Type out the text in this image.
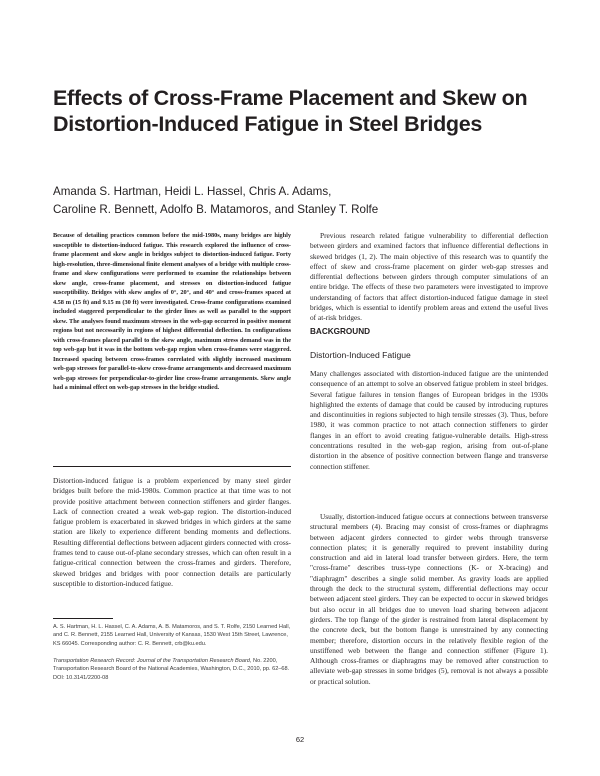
Effects of Cross-Frame Placement and Skew on Distortion-Induced Fatigue in Steel Bridges

Amanda S. Hartman, Heidi L. Hassel, Chris A. Adams,
Caroline R. Bennett, Adolfo B. Matamoros, and Stanley T. Rolfe

Because of detailing practices common before the mid-1980s, many bridges are highly susceptible to distortion-induced fatigue. This research explored the influence of cross-frame placement and skew angle in bridges subject to distortion-induced fatigue. Forty high-resolution, three-dimensional finite element analyses of a bridge with multiple cross-frame and skew configurations were performed to examine the relationships between skew angle, cross-frame placement, and stresses on distortion-induced fatigue susceptibility. Bridges with skew angles of 0°, 20°, and 40° and cross-frames spaced at 4.58 m (15 ft) and 9.15 m (30 ft) were investigated. Cross-frame configurations examined included staggered perpendicular to the girder lines as well as parallel to the support skew. The analyses found maximum stresses in the web-gap occurred in positive moment regions but not necessarily in regions of highest differential deflection. In configurations with cross-frames placed parallel to the skew angle, maximum stress demand was in the top web-gap but it was in the bottom web-gap region when cross-frames were staggered. Increased spacing between cross-frames correlated with slightly increased maximum web-gap stresses for parallel-to-skew cross-frame arrangements and decreased maximum web-gap stresses for perpendicular-to-girder line cross-frame arrangements. Skew angle had a minimal effect on web-gap stresses in the bridge studied.

Distortion-induced fatigue is a problem experienced by many steel girder bridges built before the mid-1980s. Common practice at that time was to not provide positive attachment between connection stiffeners and girder flanges. Lack of connection created a weak web-gap region. The distortion-induced fatigue problem is exacerbated in skewed bridges in which girders at the same station are likely to experience different bending moments and deflections. Resulting differential deflections between adjacent girders connected with cross-frames tend to cause out-of-plane secondary stresses, which can often result in a fatigue-critical connection between the cross-frames and girders. Therefore, skewed bridges and bridges with poor connection details are particularly susceptible to distortion-induced fatigue.

A. S. Hartman, H. L. Hassel, C. A. Adams, A. B. Matamoros, and S. T. Rolfe, 2150 Learned Hall, and C. R. Bennett, 2155 Learned Hall, University of Kansas, 1530 West 15th Street, Lawrence, KS 66045. Corresponding author: C. R. Bennett, crb@ku.edu.

Transportation Research Record: Journal of the Transportation Research Board, No. 2200, Transportation Research Board of the National Academies, Washington, D.C., 2010, pp. 62–68.
DOI: 10.3141/2200-08

Previous research related fatigue vulnerability to differential deflection between girders and examined factors that influence differential deflections in skewed bridges (1, 2). The main objective of this research was to quantify the effect of skew and cross-frame placement on girder web-gap stresses and differential deflections between girders through computer simulations of an entire bridge. The effects of these two parameters were investigated to improve understanding of factors that affect distortion-induced fatigue damage in steel bridges, which is essential to identify problem areas and extend the useful lives of at-risk bridges.

BACKGROUND

Distortion-Induced Fatigue

Many challenges associated with distortion-induced fatigue are the unintended consequence of an attempt to solve an observed fatigue problem in steel bridges. Several fatigue failures in tension flanges of European bridges in the 1930s highlighted the extents of damage that could be caused by introducing ruptures and discontinuities in regions subjected to high tensile stresses (3). Thus, before 1980, it was common practice to not attach connection stiffeners to girder flanges in an effort to avoid creating fatigue-vulnerable details. High-stress concentrations resulted in the web-gap region, arising from out-of-plane distortion in the absence of positive connection between flange and transverse connection stiffener.

Usually, distortion-induced fatigue occurs at connections between transverse structural members (4). Bracing may consist of cross-frames or diaphragms between adjacent girders connected to girder webs through transverse connection plates; it is generally required to prevent instability during construction and aid in lateral load transfer between girders. Here, the term "cross-frame" describes truss-type connections (K- or X-bracing) and "diaphragm" describes a single solid member. As gravity loads are applied through the deck to the structural system, differential deflections may occur between adjacent steel girders. They can be expected to occur in skewed bridges but also occur in all bridges due to uneven load sharing between adjacent girders. The top flange of the girder is restrained from lateral displacement by the concrete deck, but the bottom flange is unrestrained by any connecting member; therefore, distortion occurs in the relatively flexible region of the unstiffened web between the flange and connection stiffener (Figure 1). Although cross-frames or diaphragms may be removed after construction to alleviate web-gap stresses in some bridges (5), removal is not always a possible or practical solution.

62
